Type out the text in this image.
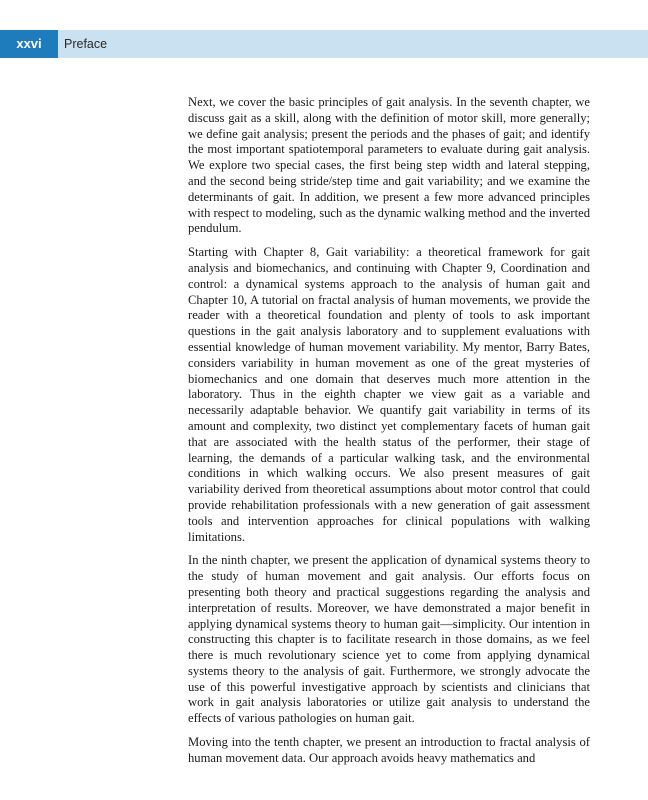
xxvi	Preface

Next, we cover the basic principles of gait analysis. In the seventh chapter, we discuss gait as a skill, along with the definition of motor skill, more generally; we define gait analysis; present the periods and the phases of gait; and identify the most important spatiotemporal parameters to evaluate during gait analysis. We explore two special cases, the first being step width and lateral stepping, and the second being stride/step time and gait variability; and we examine the determinants of gait. In addition, we present a few more advanced principles with respect to modeling, such as the dynamic walking method and the inverted pendulum.

Starting with Chapter 8, Gait variability: a theoretical framework for gait analysis and biomechanics, and continuing with Chapter 9, Coordination and control: a dynamical systems approach to the analysis of human gait and Chapter 10, A tutorial on fractal analysis of human movements, we provide the reader with a theoretical foundation and plenty of tools to ask important questions in the gait analysis laboratory and to supplement evaluations with essential knowledge of human movement variability. My mentor, Barry Bates, considers variability in human movement as one of the great mysteries of biomechanics and one domain that deserves much more attention in the laboratory. Thus in the eighth chapter we view gait as a variable and necessarily adaptable behavior. We quantify gait variability in terms of its amount and complexity, two distinct yet complementary facets of human gait that are associated with the health status of the performer, their stage of learning, the demands of a particular walking task, and the environmental conditions in which walking occurs. We also present measures of gait variability derived from theoretical assumptions about motor control that could provide rehabilitation professionals with a new generation of gait assessment tools and intervention approaches for clinical populations with walking limitations.

In the ninth chapter, we present the application of dynamical systems theory to the study of human movement and gait analysis. Our efforts focus on presenting both theory and practical suggestions regarding the analysis and interpretation of results. Moreover, we have demonstrated a major benefit in applying dynamical systems theory to human gait—simplicity. Our intention in constructing this chapter is to facilitate research in those domains, as we feel there is much revolutionary science yet to come from applying dynamical systems theory to the analysis of gait. Furthermore, we strongly advocate the use of this powerful investigative approach by scientists and clinicians that work in gait analysis laboratories or utilize gait analysis to understand the effects of various pathologies on human gait.

Moving into the tenth chapter, we present an introduction to fractal analysis of human movement data. Our approach avoids heavy mathematics and
